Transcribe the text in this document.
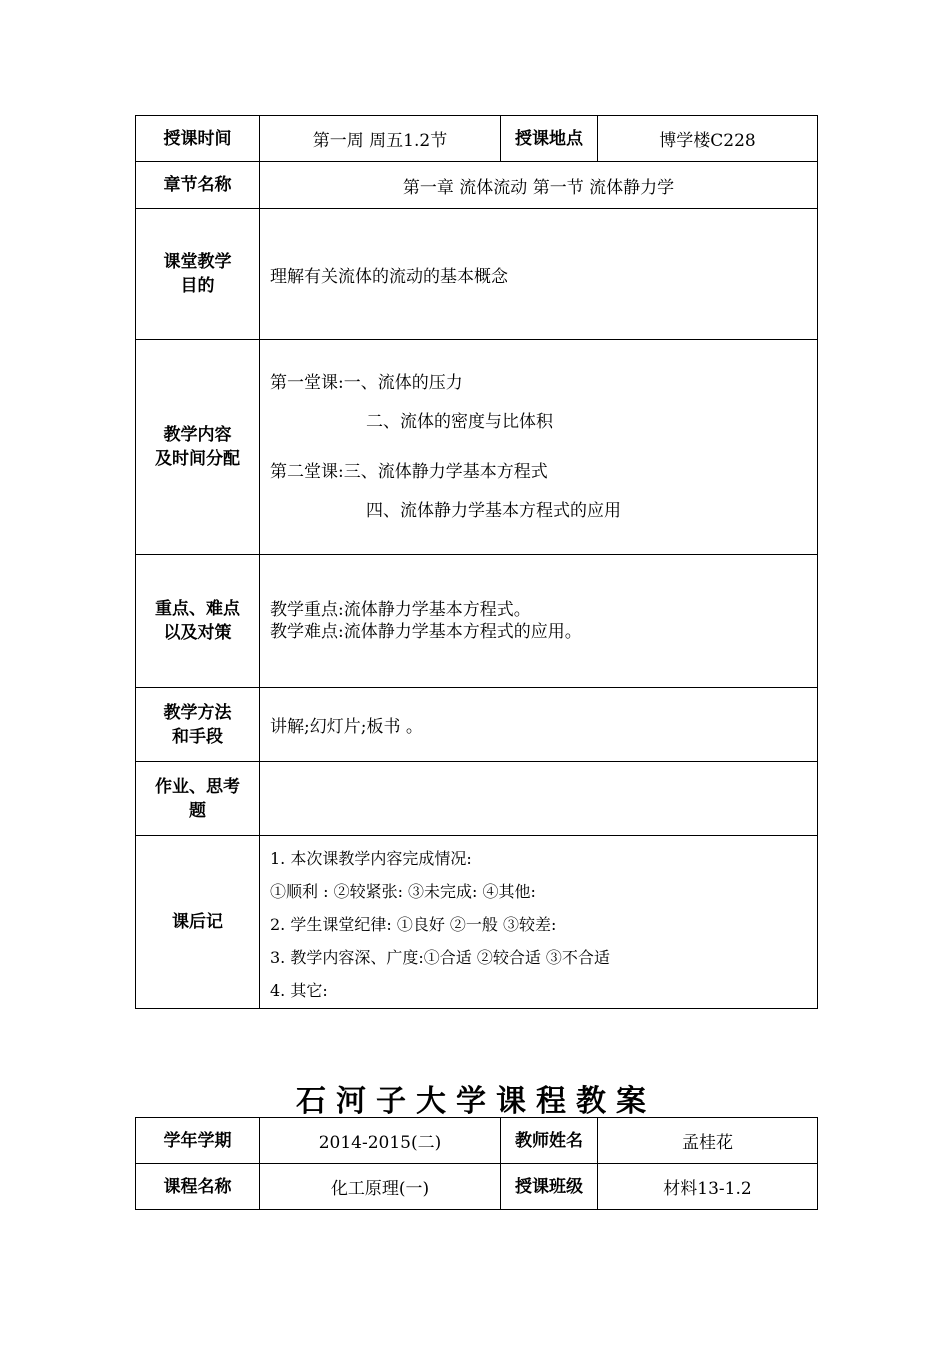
授课时间	第一周 周五1.2节	授课地点	博学楼C228
章节名称	第一章 流体流动 第一节 流体静力学		

课堂教学
目的	理解有关流体的流动的基本概念		

教学内容
及时间分配	第一堂课:一、流体的压力
二、流体的密度与比体积
第二堂课:三、流体静力学基本方程式
四、流体静力学基本方程式的应用		

重点、难点
以及对策	教学重点:流体静力学基本方程式。
教学难点:流体静力学基本方程式的应用。		

教学方法
和手段	讲解;幻灯片;板书 。		

作业、思考
题			

课后记	1. 本次课教学内容完成情况:
①顺利 : ②较紧张: ③未完成: ④其他:
2. 学生课堂纪律: ①良好 ②一般 ③较差:
3. 教学内容深、广度:①合适 ②较合适 ③不合适
4. 其它:		
石河子大学课程教案
学年学期	2014-2015(二)	教师姓名	孟桂花
课程名称	化工原理(一)	授课班级	材料13-1.2
